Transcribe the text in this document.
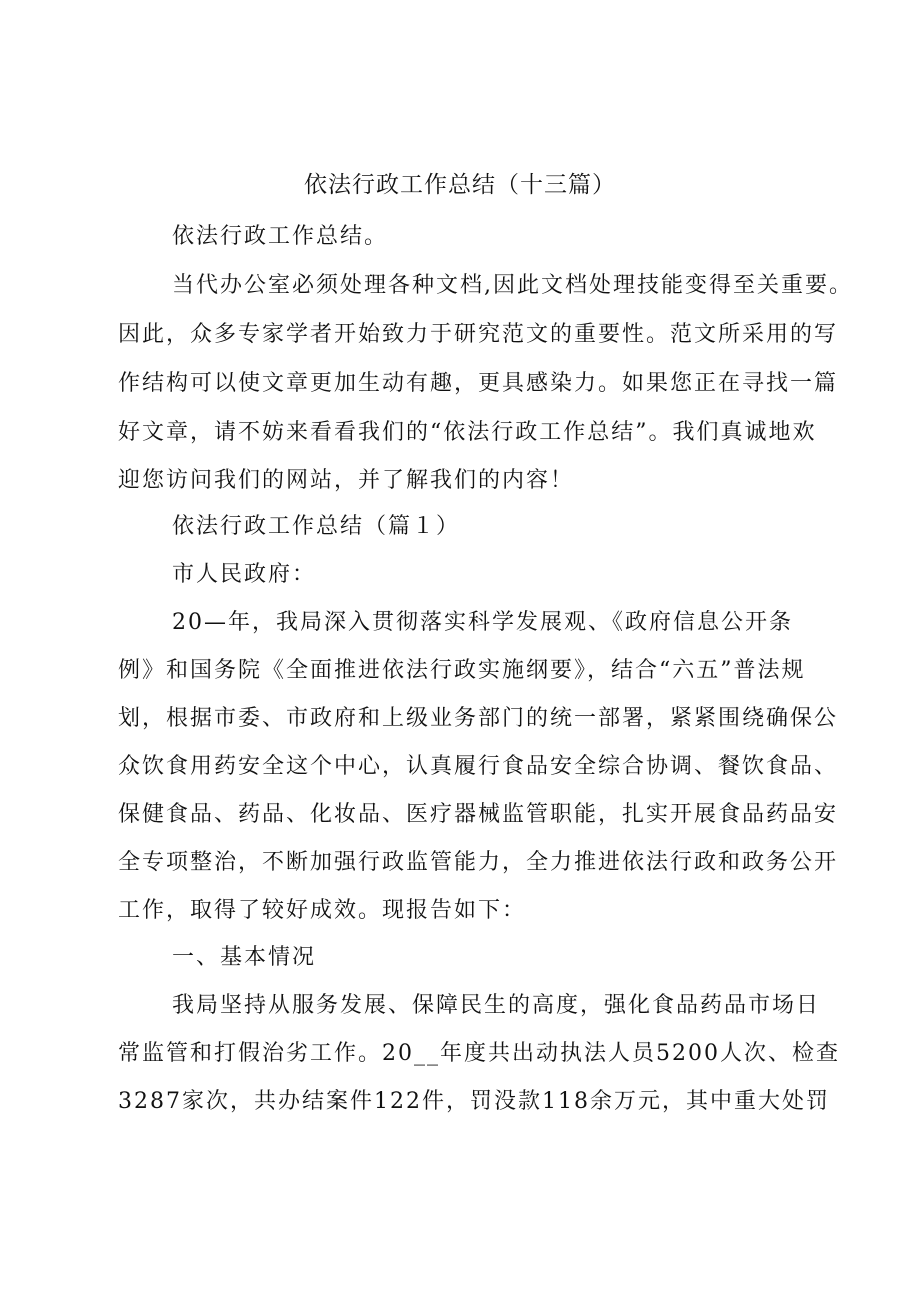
依法行政工作总结（十三篇）
依法行政工作总结。
当代办公室必须处理各种文档,因此文档处理技能变得至关重要。
因此，众多专家学者开始致力于研究范文的重要性。范文所采用的写
作结构可以使文章更加生动有趣，更具感染力。如果您正在寻找一篇
好文章，请不妨来看看我们的“依法行政工作总结”。我们真诚地欢
迎您访问我们的网站，并了解我们的内容！
依法行政工作总结（篇１）
市人民政府：
20—年，我局深入贯彻落实科学发展观、《政府信息公开条
例》和国务院《全面推进依法行政实施纲要》，结合“六五”普法规
划，根据市委、市政府和上级业务部门的统一部署，紧紧围绕确保公
众饮食用药安全这个中心，认真履行食品安全综合协调、餐饮食品、
保健食品、药品、化妆品、医疗器械监管职能，扎实开展食品药品安
全专项整治，不断加强行政监管能力，全力推进依法行政和政务公开
工作，取得了较好成效。现报告如下：
一、基本情况
我局坚持从服务发展、保障民生的高度，强化食品药品市场日
常监管和打假治劣工作。20__年度共出动执法人员5200人次、检查
3287家次，共办结案件122件，罚没款118余万元，其中重大处罚
